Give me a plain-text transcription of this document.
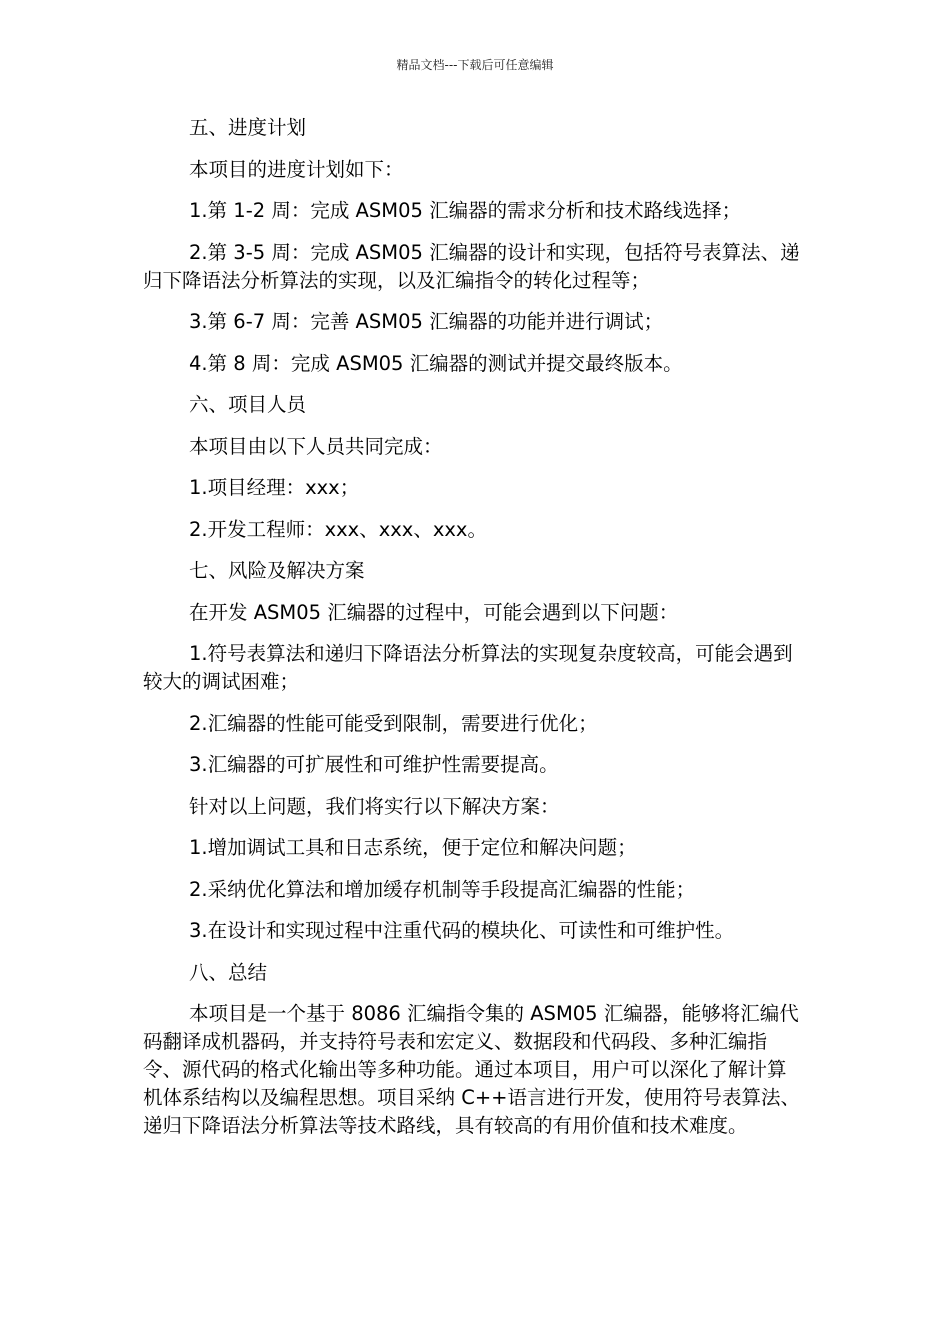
精品文档---下载后可任意编辑

五、进度计划

本项目的进度计划如下：

1.第 1-2 周：完成 ASM05 汇编器的需求分析和技术路线选择；

2.第 3-5 周：完成 ASM05 汇编器的设计和实现，包括符号表算法、递归下降语法分析算法的实现，以及汇编指令的转化过程等；

3.第 6-7 周：完善 ASM05 汇编器的功能并进行调试；

4.第 8 周：完成 ASM05 汇编器的测试并提交最终版本。

六、项目人员

本项目由以下人员共同完成：

1.项目经理：xxx；

2.开发工程师：xxx、xxx、xxx。

七、风险及解决方案

在开发 ASM05 汇编器的过程中，可能会遇到以下问题：

1.符号表算法和递归下降语法分析算法的实现复杂度较高，可能会遇到较大的调试困难；

2.汇编器的性能可能受到限制，需要进行优化；

3.汇编器的可扩展性和可维护性需要提高。

针对以上问题，我们将实行以下解决方案：

1.增加调试工具和日志系统，便于定位和解决问题；

2.采纳优化算法和增加缓存机制等手段提高汇编器的性能；

3.在设计和实现过程中注重代码的模块化、可读性和可维护性。

八、总结

本项目是一个基于 8086 汇编指令集的 ASM05 汇编器，能够将汇编代码翻译成机器码，并支持符号表和宏定义、数据段和代码段、多种汇编指令、源代码的格式化输出等多种功能。通过本项目，用户可以深化了解计算机体系结构以及编程思想。项目采纳 C++语言进行开发，使用符号表算法、递归下降语法分析算法等技术路线，具有较高的有用价值和技术难度。
